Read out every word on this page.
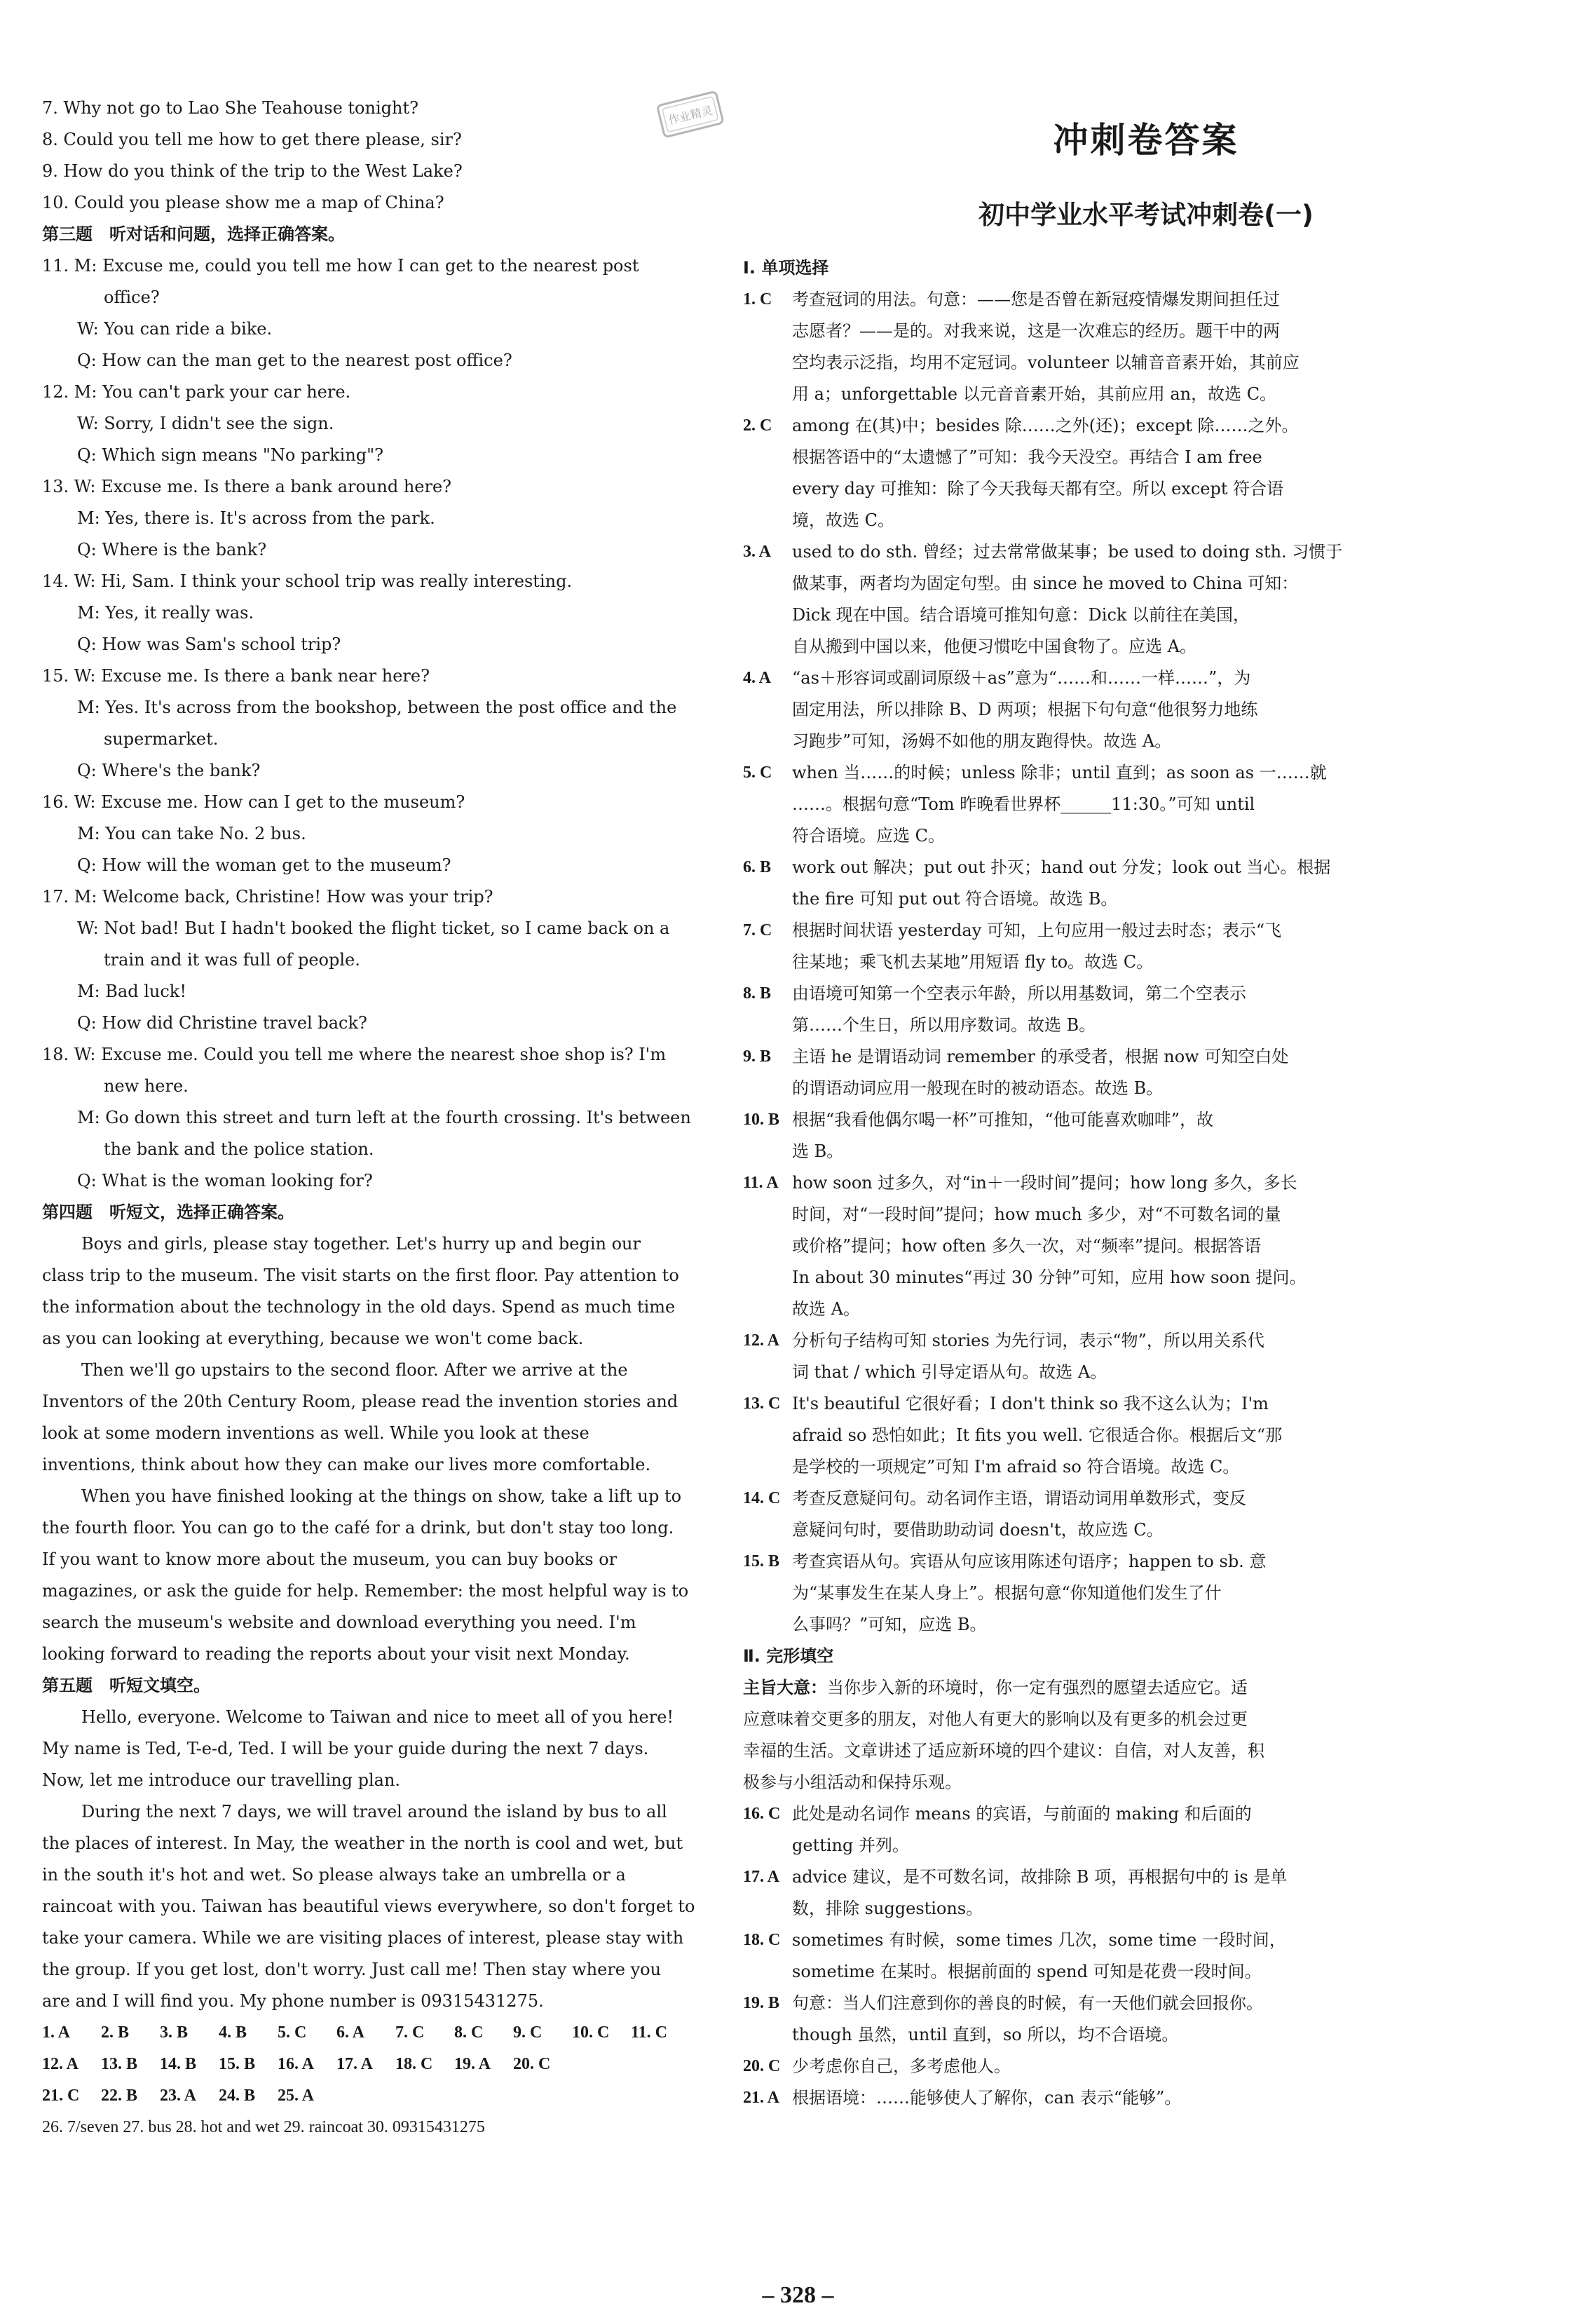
作业精灵
7. Why not go to Lao She Teahouse tonight?
8. Could you tell me how to get there please, sir?
9. How do you think of the trip to the West Lake?
10. Could you please show me a map of China?
第三题　听对话和问题，选择正确答案。
11. M: Excuse me, could you tell me how I can get to the nearest post
office?
W: You can ride a bike.
Q: How can the man get to the nearest post office?
12. M: You can't park your car here.
W: Sorry, I didn't see the sign.
Q: Which sign means "No parking"?
13. W: Excuse me. Is there a bank around here?
M: Yes, there is. It's across from the park.
Q: Where is the bank?
14. W: Hi, Sam. I think your school trip was really interesting.
M: Yes, it really was.
Q: How was Sam's school trip?
15. W: Excuse me. Is there a bank near here?
M: Yes. It's across from the bookshop, between the post office and the
supermarket.
Q: Where's the bank?
16. W: Excuse me. How can I get to the museum?
M: You can take No. 2 bus.
Q: How will the woman get to the museum?
17. M: Welcome back, Christine! How was your trip?
W: Not bad! But I hadn't booked the flight ticket, so I came back on a
train and it was full of people.
M: Bad luck!
Q: How did Christine travel back?
18. W: Excuse me. Could you tell me where the nearest shoe shop is? I'm
new here.
M: Go down this street and turn left at the fourth crossing. It's between
the bank and the police station.
Q: What is the woman looking for?
第四题　听短文，选择正确答案。
Boys and girls, please stay together. Let's hurry up and begin our
class trip to the museum. The visit starts on the first floor. Pay attention to
the information about the technology in the old days. Spend as much time
as you can looking at everything, because we won't come back.
Then we'll go upstairs to the second floor. After we arrive at the
Inventors of the 20th Century Room, please read the invention stories and
look at some modern inventions as well. While you look at these
inventions, think about how they can make our lives more comfortable.
When you have finished looking at the things on show, take a lift up to
the fourth floor. You can go to the café for a drink, but don't stay too long.
If you want to know more about the museum, you can buy books or
magazines, or ask the guide for help. Remember: the most helpful way is to
search the museum's website and download everything you need. I'm
looking forward to reading the reports about your visit next Monday.
第五题　听短文填空。
Hello, everyone. Welcome to Taiwan and nice to meet all of you here!
My name is Ted, T-e-d, Ted. I will be your guide during the next 7 days.
Now, let me introduce our travelling plan.
During the next 7 days, we will travel around the island by bus to all
the places of interest. In May, the weather in the north is cool and wet, but
in the south it's hot and wet. So please always take an umbrella or a
raincoat with you. Taiwan has beautiful views everywhere, so don't forget to
take your camera. While we are visiting places of interest, please stay with
the group. If you get lost, don't worry. Just call me! Then stay where you
are and I will find you. My phone number is 09315431275.
1. A	2. B	3. B	4. B	5. C	6. A	7. C	8. C	9. C	10. C	11. C
12. A	13. B	14. B	15. B	16. A	17. A	18. C	19. A	20. C
21. C	22. B	23. A	24. B	25. A
26. 7/seven 27. bus 28. hot and wet 29. raincoat 30. 09315431275
冲刺卷答案
初中学业水平考试冲刺卷(一)
Ⅰ. 单项选择
1. C	考查冠词的用法。句意：——您是否曾在新冠疫情爆发期间担任过
志愿者？——是的。对我来说，这是一次难忘的经历。题干中的两
空均表示泛指，均用不定冠词。volunteer 以辅音音素开始，其前应
用 a；unforgettable 以元音音素开始，其前应用 an，故选 C。
2. C	among 在(其)中；besides 除……之外(还)；except 除……之外。
根据答语中的“太遗憾了”可知：我今天没空。再结合 I am free
every day 可推知：除了今天我每天都有空。所以 except 符合语
境，故选 C。
3. A	used to do sth. 曾经；过去常常做某事；be used to doing sth. 习惯于
做某事，两者均为固定句型。由 since he moved to China 可知：
Dick 现在中国。结合语境可推知句意：Dick 以前往在美国，
自从搬到中国以来，他便习惯吃中国食物了。应选 A。
4. A	“as＋形容词或副词原级＋as”意为“……和……一样……”，为
固定用法，所以排除 B、D 两项；根据下句句意“他很努力地练
习跑步”可知，汤姆不如他的朋友跑得快。故选 A。
5. C	when 当……的时候；unless 除非；until 直到；as soon as 一……就
……。根据句意“Tom 昨晚看世界杯______11:30。”可知 until
符合语境。应选 C。
6. B	work out 解决；put out 扑灭；hand out 分发；look out 当心。根据
the fire 可知 put out 符合语境。故选 B。
7. C	根据时间状语 yesterday 可知，上句应用一般过去时态；表示“飞
往某地；乘飞机去某地”用短语 fly to。故选 C。
8. B	由语境可知第一个空表示年龄，所以用基数词，第二个空表示
第……个生日，所以用序数词。故选 B。
9. B	主语 he 是谓语动词 remember 的承受者，根据 now 可知空白处
的谓语动词应用一般现在时的被动语态。故选 B。
10. B 根据“我看他偶尔喝一杯”可推知，“他可能喜欢咖啡”，故
选 B。
11. A how soon 过多久，对“in＋一段时间”提问；how long 多久，多长
时间，对“一段时间”提问；how much 多少，对“不可数名词的量
或价格”提问；how often 多久一次，对“频率”提问。根据答语
In about 30 minutes“再过 30 分钟”可知，应用 how soon 提问。
故选 A。
12. A 分析句子结构可知 stories 为先行词，表示“物”，所以用关系代
词 that / which 引导定语从句。故选 A。
13. C It's beautiful 它很好看；I don't think so 我不这么认为；I'm
afraid so 恐怕如此；It fits you well. 它很适合你。根据后文“那
是学校的一项规定”可知 I'm afraid so 符合语境。故选 C。
14. C 考查反意疑问句。动名词作主语，谓语动词用单数形式，变反
意疑问句时，要借助助动词 doesn't，故应选 C。
15. B 考查宾语从句。宾语从句应该用陈述句语序；happen to sb. 意
为“某事发生在某人身上”。根据句意“你知道他们发生了什
么事吗？”可知，应选 B。
Ⅱ. 完形填空
主旨大意：当你步入新的环境时，你一定有强烈的愿望去适应它。适
应意味着交更多的朋友，对他人有更大的影响以及有更多的机会过更
幸福的生活。文章讲述了适应新环境的四个建议：自信，对人友善，积
极参与小组活动和保持乐观。
16. C 此处是动名词作 means 的宾语，与前面的 making 和后面的
getting 并列。
17. A advice 建议，是不可数名词，故排除 B 项，再根据句中的 is 是单
数，排除 suggestions。
18. C sometimes 有时候，some times 几次，some time 一段时间，
sometime 在某时。根据前面的 spend 可知是花费一段时间。
19. B 句意：当人们注意到你的善良的时候，有一天他们就会回报你。
though 虽然，until 直到，so 所以，均不合语境。
20. C 少考虑你自己，多考虑他人。
21. A 根据语境：……能够使人了解你，can 表示“能够”。
– 328 –
